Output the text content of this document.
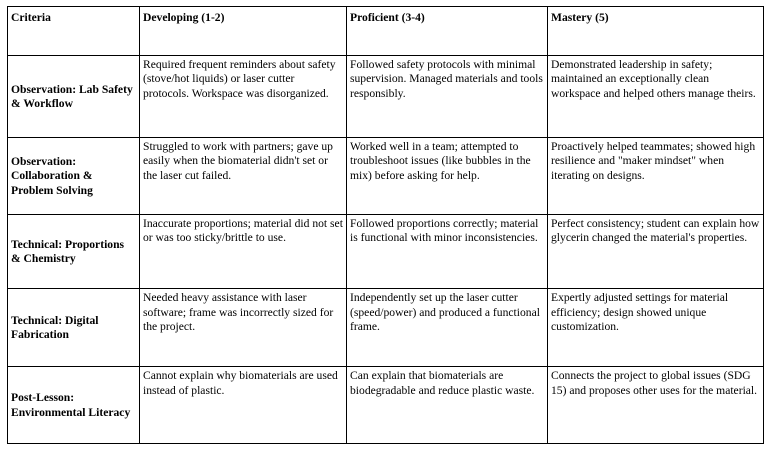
Criteria	Developing (1-2)	Proficient (3-4)	Mastery (5)
Observation: Lab Safety & Workflow	Required frequent reminders about safety (stove/hot liquids) or laser cutter protocols. Workspace was disorganized.	Followed safety protocols with minimal supervision. Managed materials and tools responsibly.	Demonstrated leadership in safety; maintained an exceptionally clean workspace and helped others manage theirs.
Observation: Collaboration & Problem Solving	Struggled to work with partners; gave up easily when the biomaterial didn't set or the laser cut failed.	Worked well in a team; attempted to troubleshoot issues (like bubbles in the mix) before asking for help.	Proactively helped teammates; showed high resilience and "maker mindset" when iterating on designs.
Technical: Proportions & Chemistry	Inaccurate proportions; material did not set or was too sticky/brittle to use.	Followed proportions correctly; material is functional with minor inconsistencies.	Perfect consistency; student can explain how glycerin changed the material's properties.
Technical: Digital Fabrication	Needed heavy assistance with laser software; frame was incorrectly sized for the project.	Independently set up the laser cutter (speed/power) and produced a functional frame.	Expertly adjusted settings for material efficiency; design showed unique customization.
Post-Lesson: Environmental Literacy	Cannot explain why biomaterials are used instead of plastic.	Can explain that biomaterials are biodegradable and reduce plastic waste.	Connects the project to global issues (SDG 15) and proposes other uses for the material.
